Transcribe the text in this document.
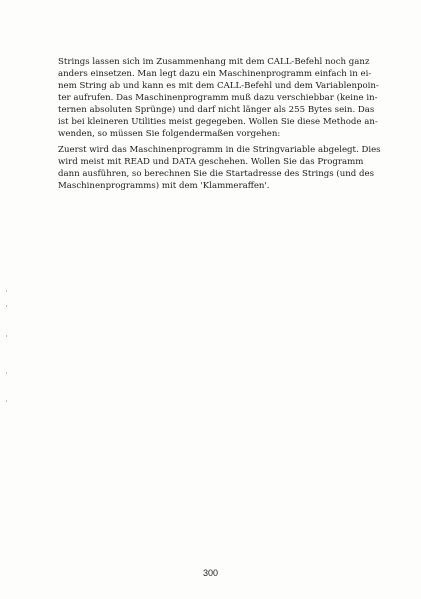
Strings lassen sich im Zusammenhang mit dem CALL-Befehl noch ganz
anders einsetzen. Man legt dazu ein Maschinenprogramm einfach in ei-
nem String ab und kann es mit dem CALL-Befehl und dem Variablenpoin-
ter aufrufen. Das Maschinenprogramm muß dazu verschiebbar (keine in-
ternen absoluten Sprünge) und darf nicht länger als 255 Bytes sein. Das
ist bei kleineren Utilities meist gegegeben. Wollen Sie diese Methode an-
wenden, so müssen Sie folgendermaßen vorgehen:
Zuerst wird das Maschinenprogramm in die Stringvariable abgelegt. Dies
wird meist mit READ und DATA geschehen. Wollen Sie das Programm
dann ausführen, so berechnen Sie die Startadresse des Strings (und des
Maschinenprogramms) mit dem 'Klammeraffen'.
300
